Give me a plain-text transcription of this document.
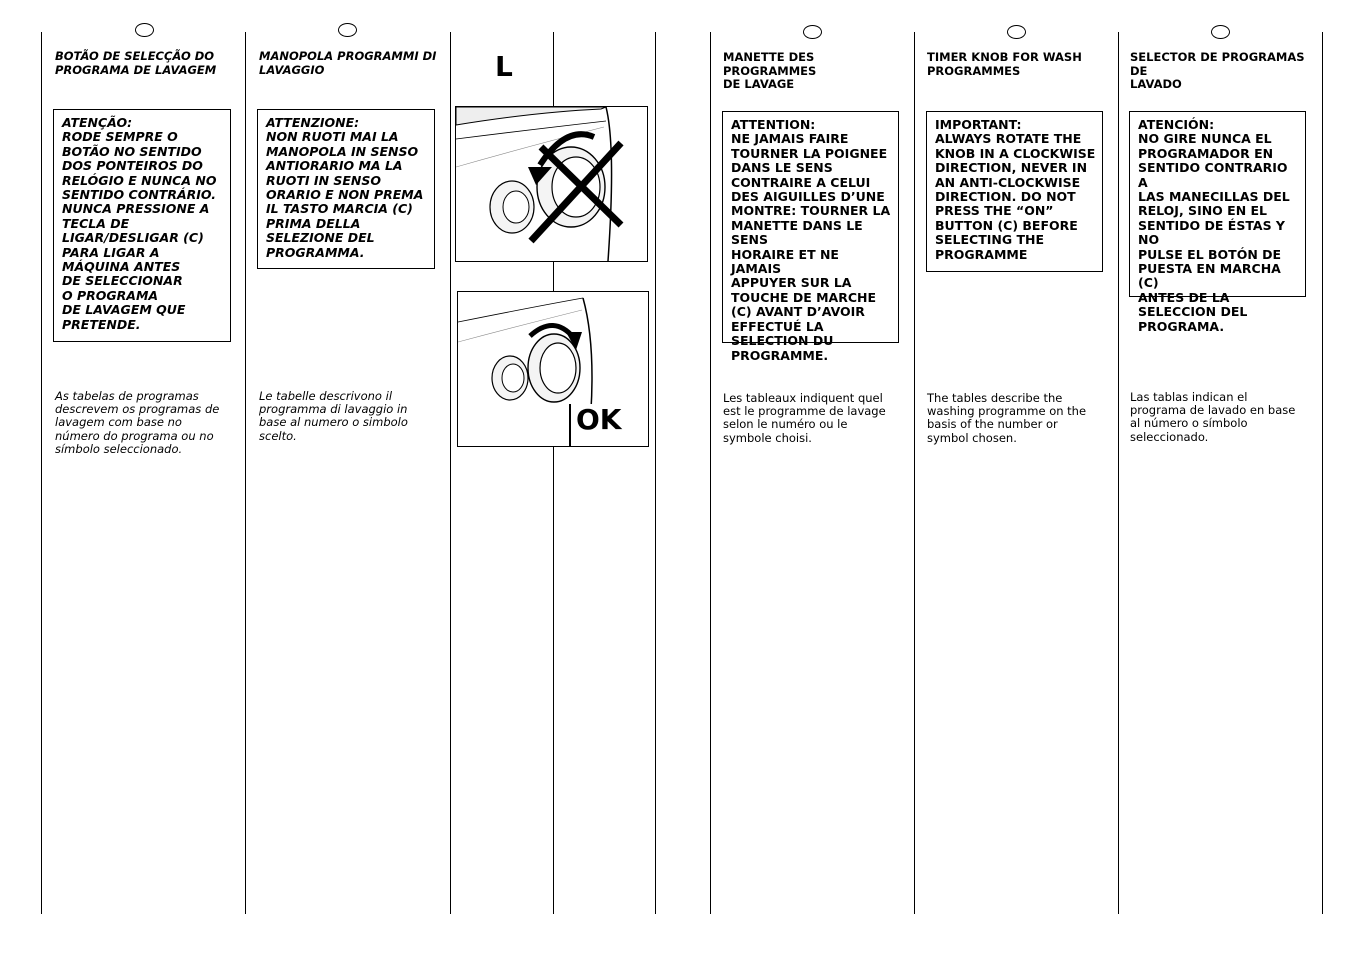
BOTÃO DE SELECÇÃO DO
PROGRAMA DE LAVAGEM
ATENÇÃO:
RODE SEMPRE O
BOTÃO NO SENTIDO
DOS PONTEIROS DO
RELÓGIO E NUNCA NO
SENTIDO CONTRÁRIO.
NUNCA PRESSIONE A
TECLA DE
LIGAR/DESLIGAR (C)
PARA LIGAR A
MÁQUINA ANTES
DE SELECCIONAR
O PROGRAMA
DE LAVAGEM QUE
PRETENDE.
As tabelas de programas
descrevem os programas de
lavagem com base no
número do programa ou no
símbolo seleccionado.
MANOPOLA PROGRAMMI DI
LAVAGGIO
ATTENZIONE:
NON RUOTI MAI LA
MANOPOLA IN SENSO
ANTIORARIO MA LA
RUOTI IN SENSO
ORARIO E NON PREMA
IL TASTO MARCIA (C)
PRIMA DELLA
SELEZIONE DEL
PROGRAMMA.
Le tabelle descrivono il
programma di lavaggio in
base al numero o simbolo
scelto.
L
OK
MANETTE DES PROGRAMMES
DE LAVAGE
ATTENTION:
NE JAMAIS FAIRE
TOURNER LA POIGNEE
DANS LE SENS
CONTRAIRE A CELUI
DES AIGUILLES D’UNE
MONTRE: TOURNER LA
MANETTE DANS LE SENS
HORAIRE ET NE JAMAIS
APPUYER SUR LA
TOUCHE DE MARCHE
(C) AVANT D’AVOIR
EFFECTUÉ LA
SELECTION DU
PROGRAMME.
Les tableaux indiquent quel
est le programme de lavage
selon le numéro ou le
symbole choisi.
TIMER KNOB FOR WASH
PROGRAMMES
IMPORTANT:
ALWAYS ROTATE THE
KNOB IN A CLOCKWISE
DIRECTION, NEVER IN
AN ANTI-CLOCKWISE
DIRECTION. DO NOT
PRESS THE “ON”
BUTTON (C) BEFORE
SELECTING THE
PROGRAMME
The tables describe the
washing programme on the
basis of the number or
symbol chosen.
SELECTOR DE PROGRAMAS DE
LAVADO
ATENCIÓN:
NO GIRE NUNCA EL
PROGRAMADOR EN
SENTIDO CONTRARIO A
LAS MANECILLAS DEL
RELOJ, SINO EN EL
SENTIDO DE ÉSTAS Y NO
PULSE EL BOTÓN DE
PUESTA EN MARCHA (C)
ANTES DE LA
SELECCION DEL
PROGRAMA.
Las tablas indican el
programa de lavado en base
al número o símbolo
seleccionado.
